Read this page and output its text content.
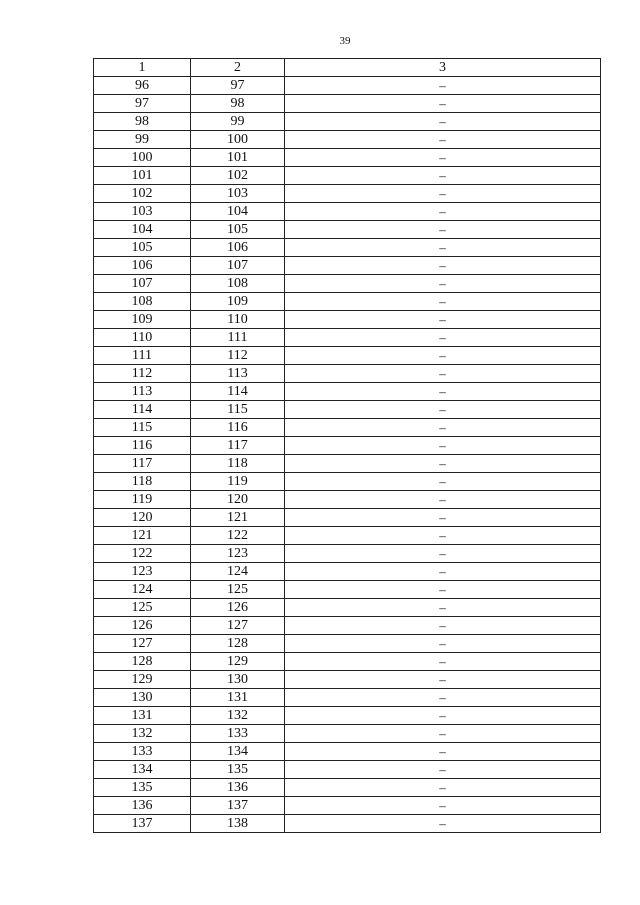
39
1	2	3
96	97	–
97	98	–
98	99	–
99	100	–
100	101	–
101	102	–
102	103	–
103	104	–
104	105	–
105	106	–
106	107	–
107	108	–
108	109	–
109	110	–
110	111	–
111	112	–
112	113	–
113	114	–
114	115	–
115	116	–
116	117	–
117	118	–
118	119	–
119	120	–
120	121	–
121	122	–
122	123	–
123	124	–
124	125	–
125	126	–
126	127	–
127	128	–
128	129	–
129	130	–
130	131	–
131	132	–
132	133	–
133	134	–
134	135	–
135	136	–
136	137	–
137	138	–
